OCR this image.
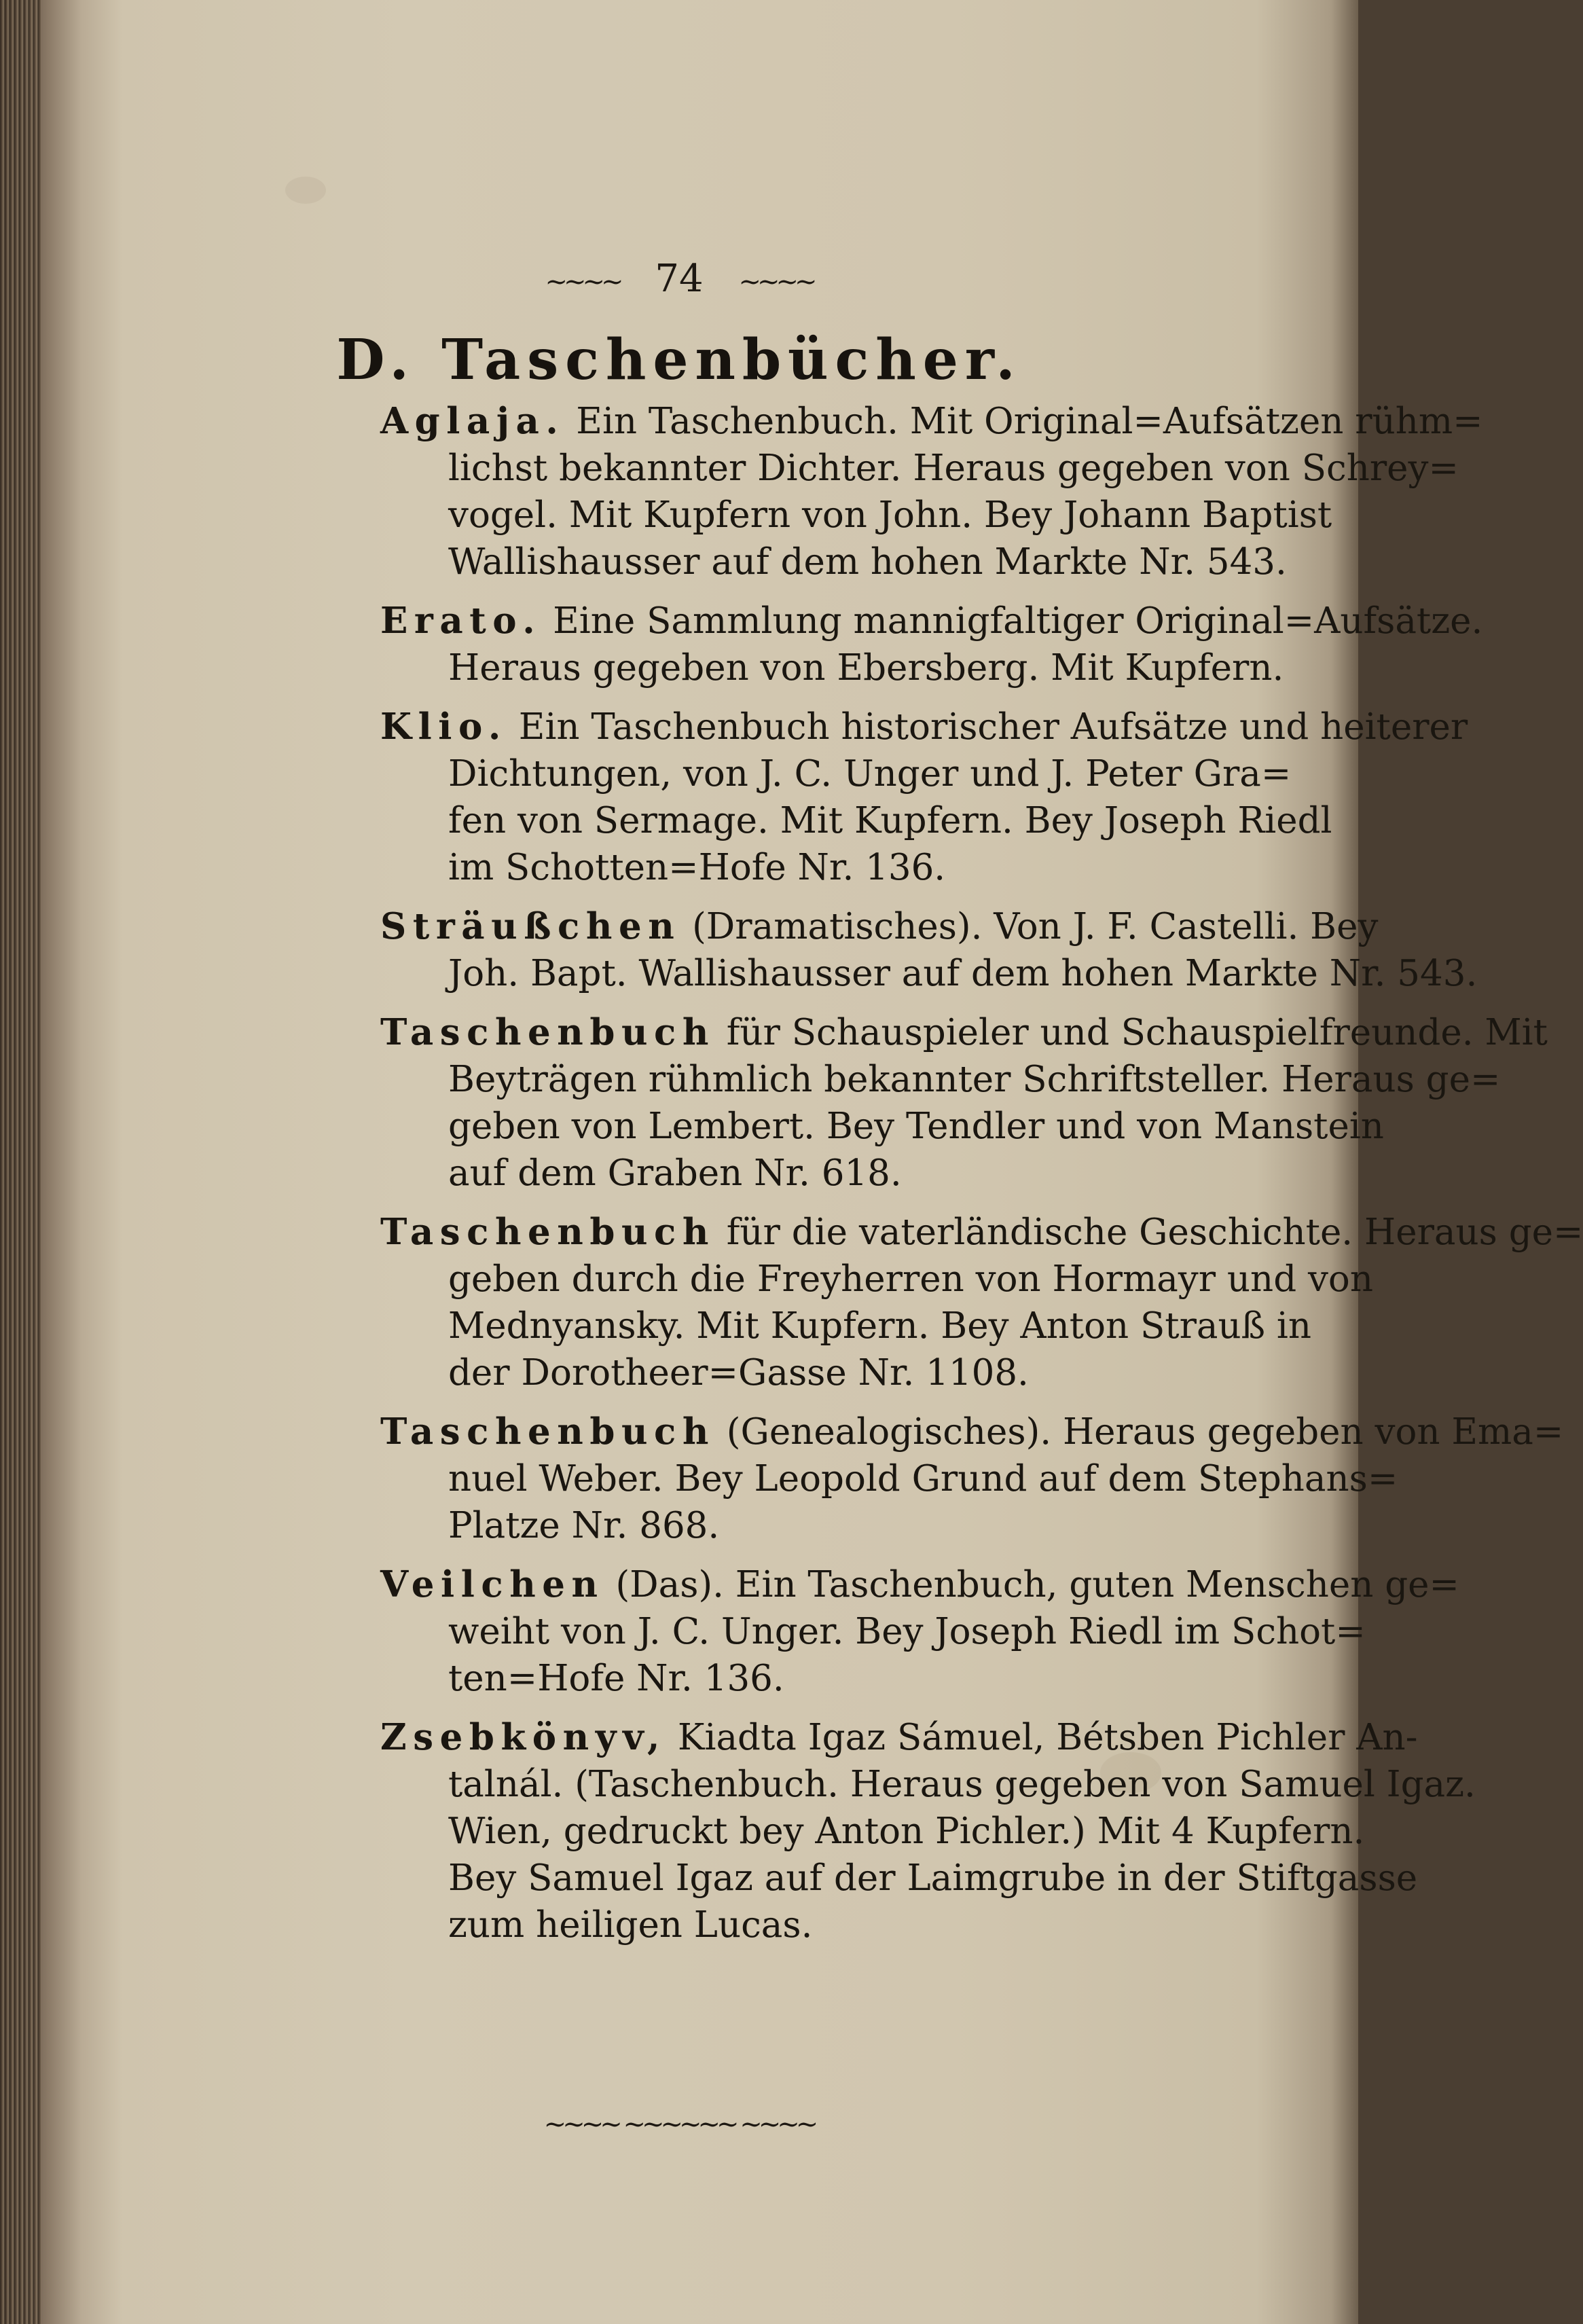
~~~~ 74 ~~~~
D. Taschenbücher.
Aglaja. Ein Taschenbuch. Mit Original=Aufsätzen rühm=
lichst bekannter Dichter. Heraus gegeben von Schrey=
vogel. Mit Kupfern von John. Bey Johann Baptist
Wallishausser auf dem hohen Markte Nr. 543.
Erato. Eine Sammlung mannigfaltiger Original=Aufsätze.
Heraus gegeben von Ebersberg. Mit Kupfern.
Klio. Ein Taschenbuch historischer Aufsätze und heiterer
Dichtungen, von J. C. Unger und J. Peter Gra=
fen von Sermage. Mit Kupfern. Bey Joseph Riedl
im Schotten=Hofe Nr. 136.
Sträußchen (Dramatisches). Von J. F. Castelli. Bey
Joh. Bapt. Wallishausser auf dem hohen Markte Nr. 543.
Taschenbuch für Schauspieler und Schauspielfreunde. Mit
Beyträgen rühmlich bekannter Schriftsteller. Heraus ge=
geben von Lembert. Bey Tendler und von Manstein
auf dem Graben Nr. 618.
Taschenbuch für die vaterländische Geschichte. Heraus ge=
geben durch die Freyherren von Hormayr und von
Mednyansky. Mit Kupfern. Bey Anton Strauß in
der Dorotheer=Gasse Nr. 1108.
Taschenbuch (Genealogisches). Heraus gegeben von Ema=
nuel Weber. Bey Leopold Grund auf dem Stephans=
Platze Nr. 868.
Veilchen (Das). Ein Taschenbuch, guten Menschen ge=
weiht von J. C. Unger. Bey Joseph Riedl im Schot=
ten=Hofe Nr. 136.
Zsebkönyv, Kiadta Igaz Sámuel, Bétsben Pichler An-
talnál. (Taschenbuch. Heraus gegeben von Samuel Igaz.
Wien, gedruckt bey Anton Pichler.) Mit 4 Kupfern.
Bey Samuel Igaz auf der Laimgrube in der Stiftgasse
zum heiligen Lucas.
~~~~ ~~~~~~ ~~~~
